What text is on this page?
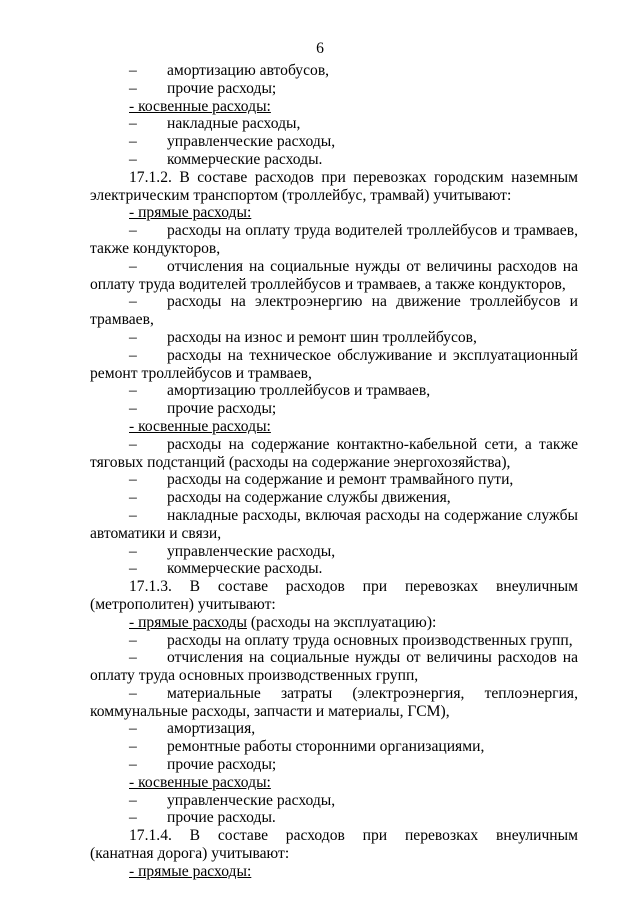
6
– амортизацию автобусов,
– прочие расходы;
- косвенные расходы:
– накладные расходы,
– управленческие расходы,
– коммерческие расходы.
17.1.2. В составе расходов при перевозках городским наземным
электрическим транспортом (троллейбус, трамвай) учитывают:
- прямые расходы:
– расходы на оплату труда водителей троллейбусов и трамваев,
также кондукторов,
– отчисления на социальные нужды от величины расходов на
оплату труда водителей троллейбусов и трамваев, а также кондукторов,
– расходы на электроэнергию на движение троллейбусов и
трамваев,
– расходы на износ и ремонт шин троллейбусов,
– расходы на техническое обслуживание и эксплуатационный
ремонт троллейбусов и трамваев,
– амортизацию троллейбусов и трамваев,
– прочие расходы;
- косвенные расходы:
– расходы на содержание контактно-кабельной сети, а также
тяговых подстанций (расходы на содержание энергохозяйства),
– расходы на содержание и ремонт трамвайного пути,
– расходы на содержание службы движения,
– накладные расходы, включая расходы на содержание службы
автоматики и связи,
– управленческие расходы,
– коммерческие расходы.
17.1.3. В составе расходов при перевозках внеуличным
(метрополитен) учитывают:
- прямые расходы (расходы на эксплуатацию):
– расходы на оплату труда основных производственных групп,
– отчисления на социальные нужды от величины расходов на
оплату труда основных производственных групп,
– материальные затраты (электроэнергия, теплоэнергия,
коммунальные расходы, запчасти и материалы, ГСМ),
– амортизация,
– ремонтные работы сторонними организациями,
– прочие расходы;
- косвенные расходы:
– управленческие расходы,
– прочие расходы.
17.1.4. В составе расходов при перевозках внеуличным
(канатная дорога) учитывают:
- прямые расходы:
